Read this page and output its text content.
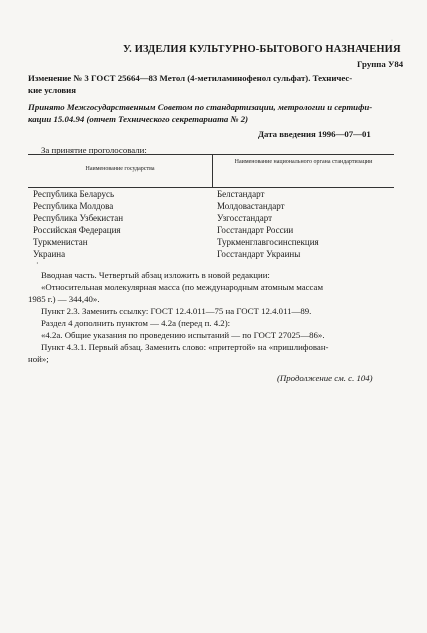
·
У. ИЗДЕЛИЯ КУЛЬТУРНО-БЫТОВОГО НАЗНАЧЕНИЯ
Группа У84
Изменение № 3 ГОСТ 25664—83 Метол (4-метиламинофенол сульфат). Техничес-
кие условия
Принято Межгосударственным Советом по стандартизации, метрологии и сертифи-
кации 15.04.94 (отчет Технического секретариата № 2)
Дата введения 1996—07—01
За принятие проголосовали:
Наименование государства
Наименование национального органа стандартизации
Республика Беларусь	Белстандарт
Республика Молдова	Молдовастандарт
Республика Узбекистан	Узгосстандарт
Российская Федерация	Госстандарт России
Туркменистан	Туркменглавгосинспекция
Украина	Госстандарт Украины
·
Вводная часть. Четвертый абзац изложить в новой редакции:
«Относительная молекулярная масса (по международным атомным массам
1985 г.) — 344,40».
Пункт 2.3. Заменить ссылку: ГОСТ 12.4.011—75 на ГОСТ 12.4.011—89.
Раздел 4 дополнить пунктом — 4.2а (перед п. 4.2):
«4.2а. Общие указания по проведению испытаний — по ГОСТ 27025—86».
Пункт 4.3.1. Первый абзац. Заменить слово: «притертой» на «пришлифован-
ной»;
(Продолжение см. с. 104)
